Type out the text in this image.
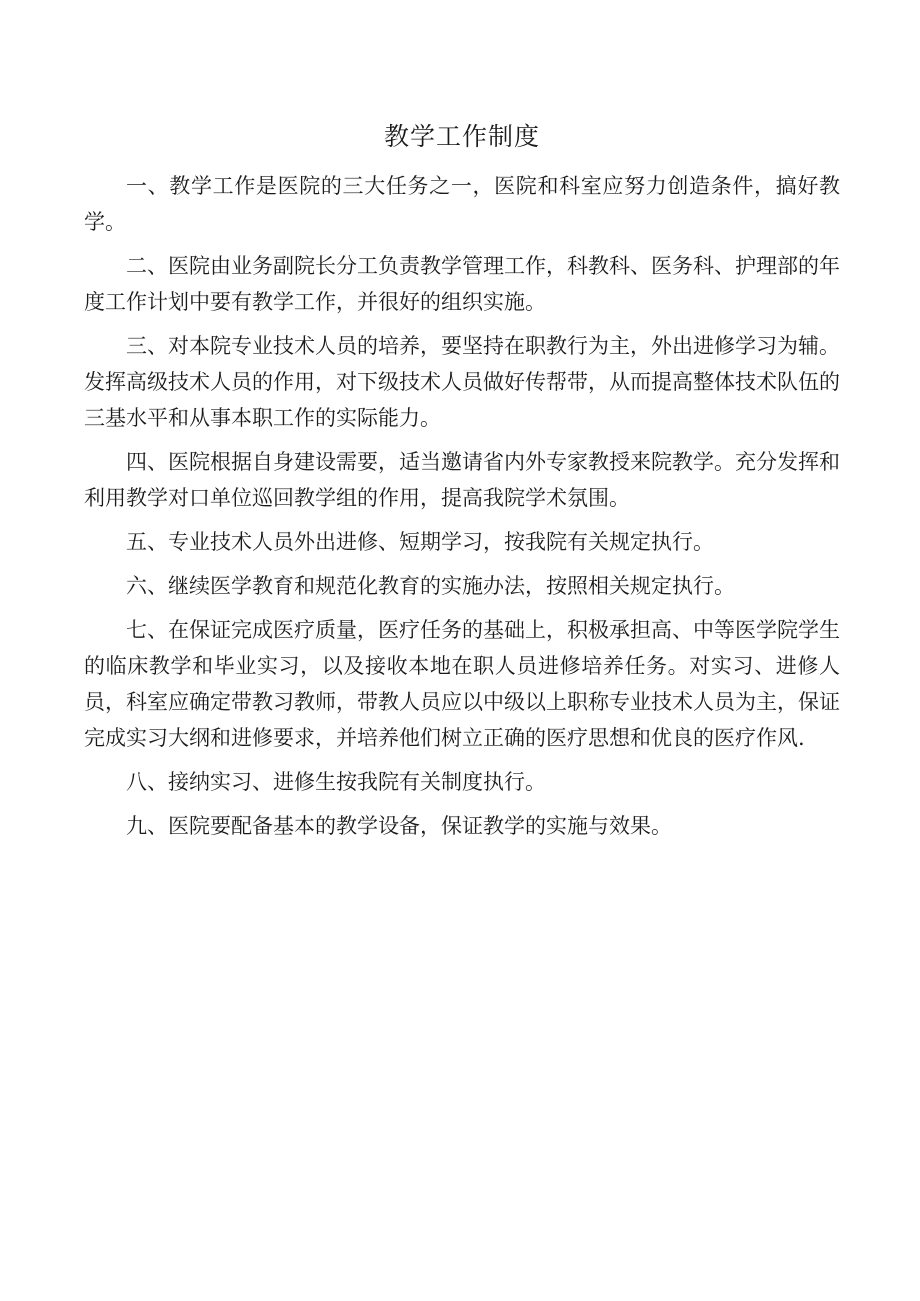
教学工作制度

一、教学工作是医院的三大任务之一，医院和科室应努力创造条件，搞好教学。

二、医院由业务副院长分工负责教学管理工作，科教科、医务科、护理部的年度工作计划中要有教学工作，并很好的组织实施。

三、对本院专业技术人员的培养，要坚持在职教行为主，外出进修学习为辅。发挥高级技术人员的作用，对下级技术人员做好传帮带，从而提高整体技术队伍的三基水平和从事本职工作的实际能力。

四、医院根据自身建设需要，适当邀请省内外专家教授来院教学。充分发挥和利用教学对口单位巡回教学组的作用，提高我院学术氛围。

五、专业技术人员外出进修、短期学习，按我院有关规定执行。

六、继续医学教育和规范化教育的实施办法，按照相关规定执行。

七、在保证完成医疗质量，医疗任务的基础上，积极承担高、中等医学院学生的临床教学和毕业实习，以及接收本地在职人员进修培养任务。对实习、进修人员，科室应确定带教习教师，带教人员应以中级以上职称专业技术人员为主，保证完成实习大纲和进修要求，并培养他们树立正确的医疗思想和优良的医疗作风.

八、接纳实习、进修生按我院有关制度执行。

九、医院要配备基本的教学设备，保证教学的实施与效果。
